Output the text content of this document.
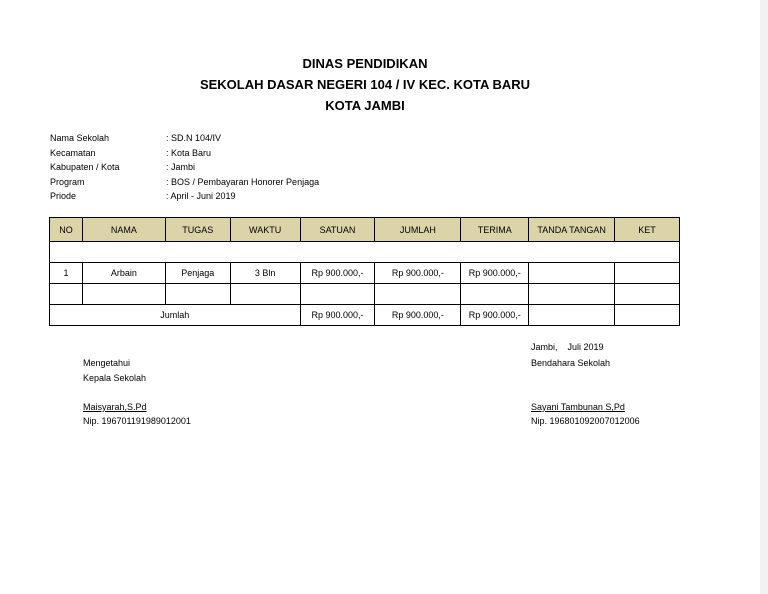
DINAS PENDIDIKAN
SEKOLAH DASAR NEGERI 104 / IV KEC. KOTA BARU
KOTA JAMBI
Nama Sekolah	: SD.N 104/IV
Kecamatan	: Kota Baru
Kabupaten / Kota	: Jambi
Program	: BOS / Pembayaran Honorer Penjaga
Priode	: April - Juni 2019
NO	NAMA	TUGAS	WAKTU	SATUAN	JUMLAH	TERIMA	TANDA TANGAN	KET

1	Arbain	Penjaga	3 Bln	Rp 900.000,-	Rp 900.000,-	Rp 900.000,-		

Jumlah				Rp 900.000,-	Rp 900.000,-	Rp 900.000,-		
Mengetahui
Kepala Sekolah
Maisyarah,S.Pd
Nip. 196701191989012001
Jambi,    Juli 2019
Bendahara Sekolah
Sayani Tambunan S,Pd
Nip. 196801092007012006
